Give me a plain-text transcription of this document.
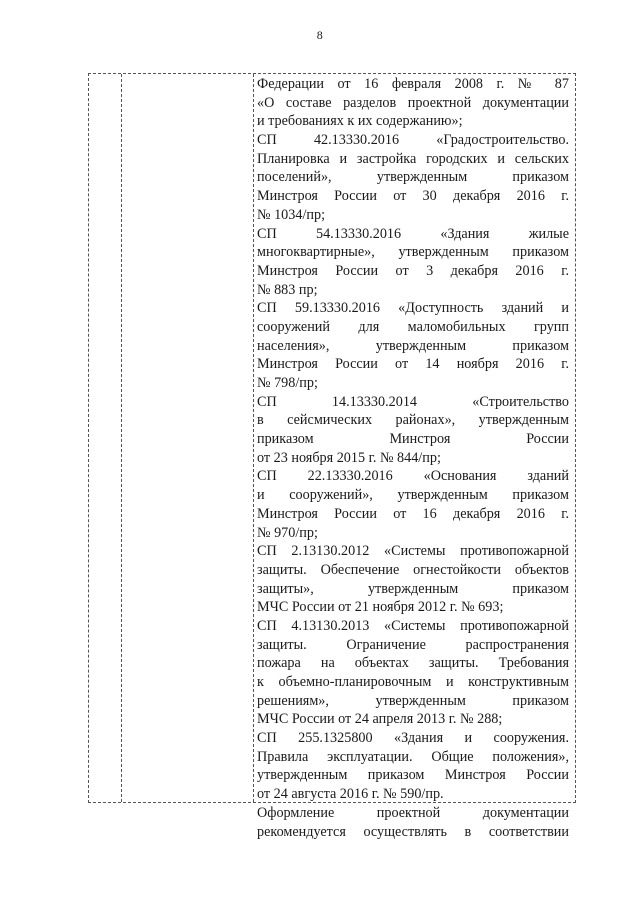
8
Федерации от 16 февраля 2008 г. № 87
«О составе разделов проектной документации
и требованиях к их содержанию»;
СП 42.13330.2016 «Градостроительство.
Планировка и застройка городских и сельских
поселений», утвержденным приказом
Минстроя России от 30 декабря 2016 г.
№ 1034/пр;
СП 54.13330.2016 «Здания жилые
многоквартирные», утвержденным приказом
Минстроя России от 3 декабря 2016 г.
№ 883 пр;
СП 59.13330.2016 «Доступность зданий и
сооружений для маломобильных групп
населения», утвержденным приказом
Минстроя России от 14 ноября 2016 г.
№ 798/пр;
СП 14.13330.2014 «Строительство
в сейсмических районах», утвержденным
приказом Минстроя России
от 23 ноября 2015 г. № 844/пр;
СП 22.13330.2016 «Основания зданий
и сооружений», утвержденным приказом
Минстроя России от 16 декабря 2016 г.
№ 970/пр;
СП 2.13130.2012 «Системы противопожарной
защиты. Обеспечение огнестойкости объектов
защиты», утвержденным приказом
МЧС России от 21 ноября 2012 г. № 693;
СП 4.13130.2013 «Системы противопожарной
защиты. Ограничение распространения
пожара на объектах защиты. Требования
к объемно-планировочным и конструктивным
решениям», утвержденным приказом
МЧС России от 24 апреля 2013 г. № 288;
СП 255.1325800 «Здания и сооружения.
Правила эксплуатации. Общие положения»,
утвержденным приказом Минстроя России
от 24 августа 2016 г. № 590/пр.
Оформление проектной документации
рекомендуется осуществлять в соответствии
